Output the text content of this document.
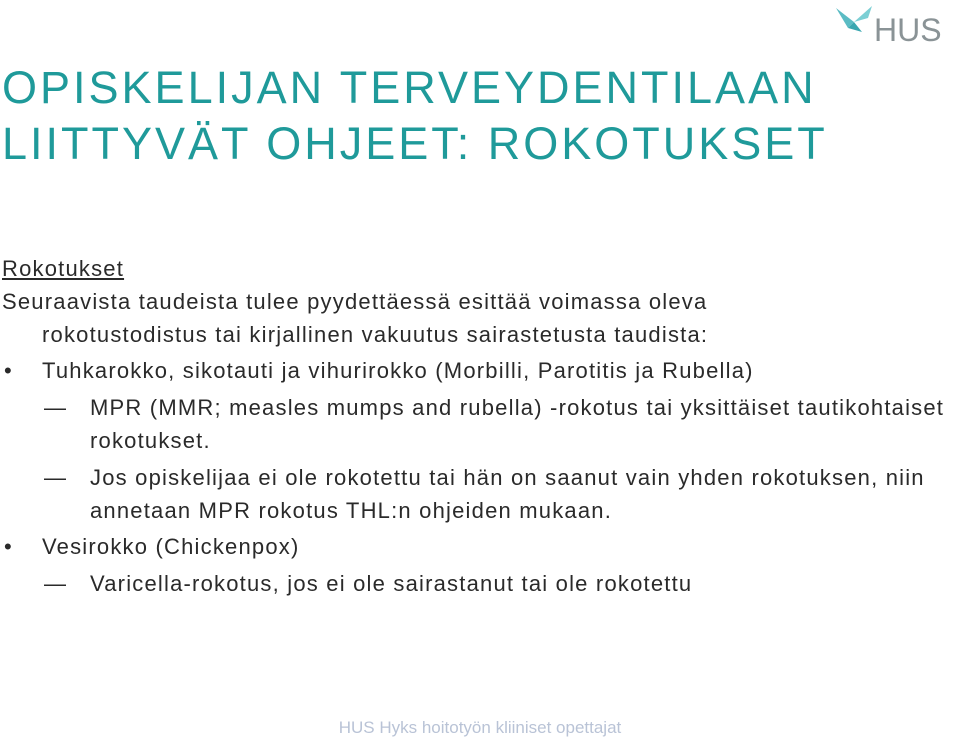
HUS
OPISKELIJAN TERVEYDENTILAAN
LIITTYVÄT OHJEET: ROKOTUKSET
Rokotukset
Seuraavista taudeista tulee pyydettäessä esittää voimassa oleva
rokotustodistus tai kirjallinen vakuutus sairastetusta taudista:
• Tuhkarokko, sikotauti ja vihurirokko (Morbilli, Parotitis ja Rubella)
— MPR (MMR; measles mumps and rubella) -rokotus tai yksittäiset tautikohtaiset rokotukset.
— Jos opiskelijaa ei ole rokotettu tai hän on saanut vain yhden rokotuksen, niin annetaan MPR rokotus THL:n ohjeiden mukaan.
• Vesirokko (Chickenpox)
— Varicella-rokotus, jos ei ole sairastanut tai ole rokotettu
HUS Hyks hoitotyön kliiniset opettajat
